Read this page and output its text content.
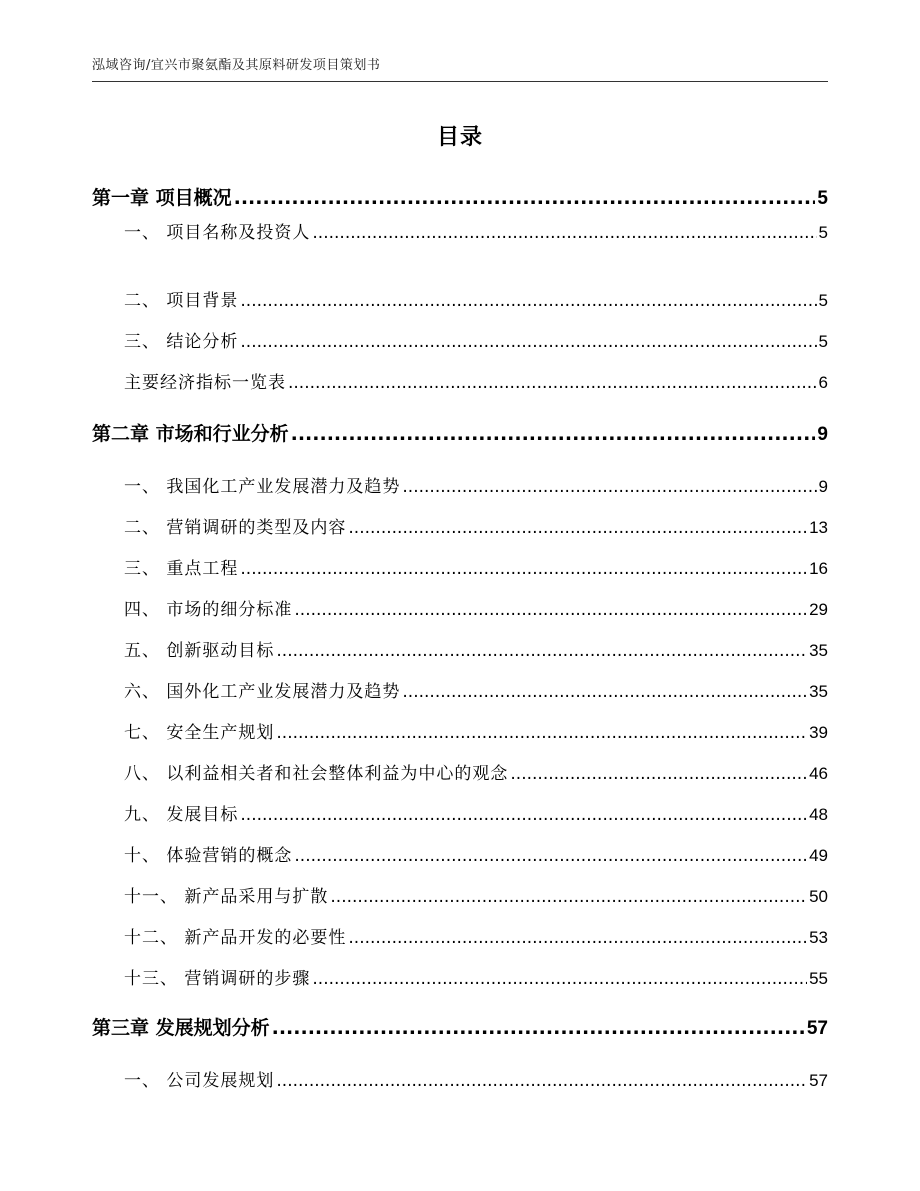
泓域咨询/宜兴市聚氨酯及其原料研发项目策划书
目录
第一章 项目概况 .....	5
一、 项目名称及投资人 .....	5
二、 项目背景 .....	5
三、 结论分析 .....	5
主要经济指标一览表 .....	6
第二章 市场和行业分析 .....	9
一、 我国化工产业发展潜力及趋势 .....	9
二、 营销调研的类型及内容 .....	13
三、 重点工程 .....	16
四、 市场的细分标准 .....	29
五、 创新驱动目标 .....	35
六、 国外化工产业发展潜力及趋势 .....	35
七、 安全生产规划 .....	39
八、 以利益相关者和社会整体利益为中心的观念 .....	46
九、 发展目标 .....	48
十、 体验营销的概念 .....	49
十一、 新产品采用与扩散 .....	50
十二、 新产品开发的必要性 .....	53
十三、 营销调研的步骤 .....	55
第三章 发展规划分析 .....	57
一、 公司发展规划 .....	57
